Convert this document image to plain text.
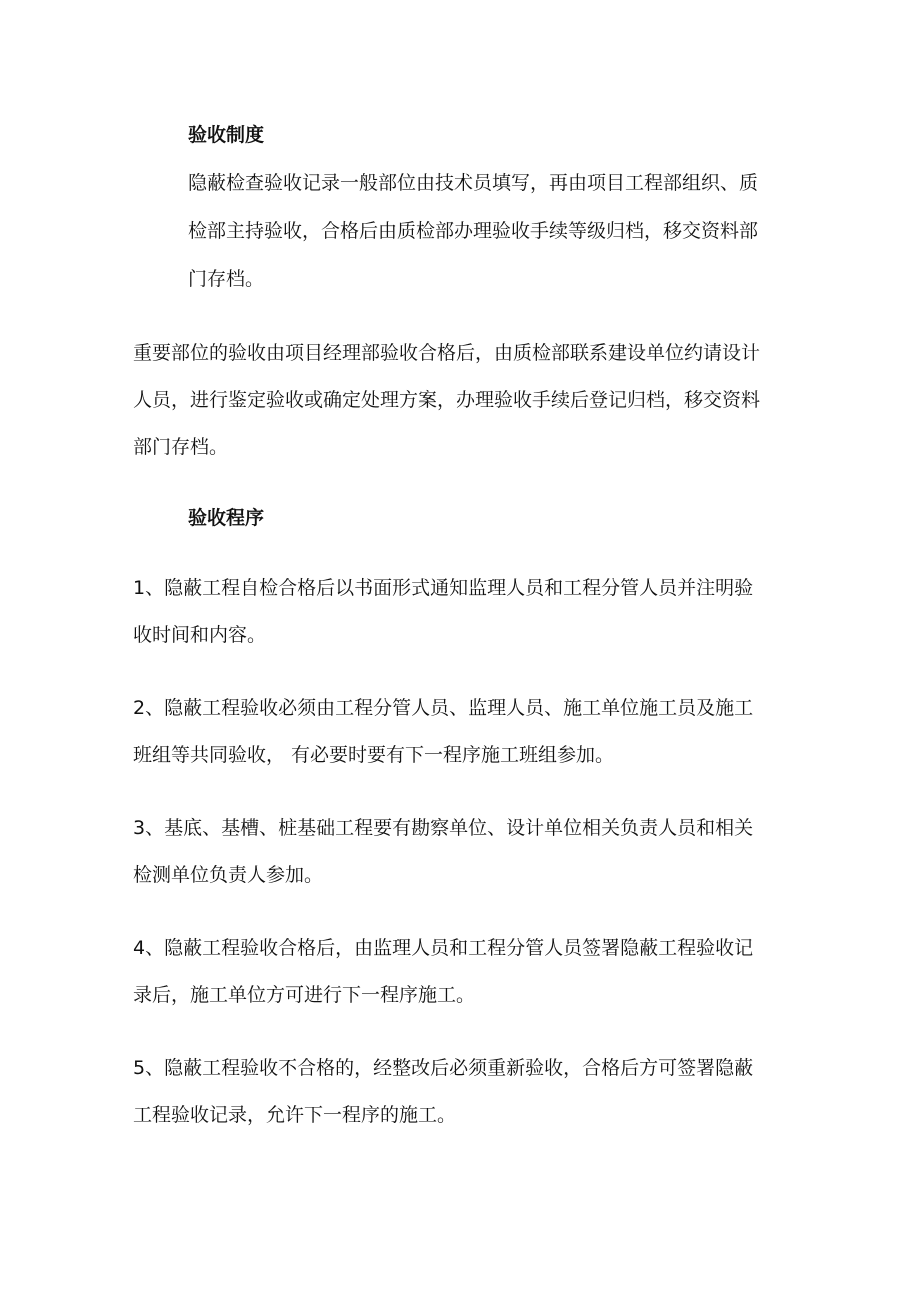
验收制度
隐蔽检查验收记录一般部位由技术员填写，再由项目工程部组织、质
检部主持验收，合格后由质检部办理验收手续等级归档，移交资料部
门存档。
重要部位的验收由项目经理部验收合格后，由质检部联系建设单位约请设计
人员，进行鉴定验收或确定处理方案，办理验收手续后登记归档，移交资料
部门存档。
验收程序
1、隐蔽工程自检合格后以书面形式通知监理人员和工程分管人员并注明验
收时间和内容。
2、隐蔽工程验收必须由工程分管人员、监理人员、施工单位施工员及施工
班组等共同验收， 有必要时要有下一程序施工班组参加。
3、基底、基槽、桩基础工程要有勘察单位、设计单位相关负责人员和相关
检测单位负责人参加。
4、隐蔽工程验收合格后，由监理人员和工程分管人员签署隐蔽工程验收记
录后，施工单位方可进行下一程序施工。
5、隐蔽工程验收不合格的，经整改后必须重新验收，合格后方可签署隐蔽
工程验收记录，允许下一程序的施工。
